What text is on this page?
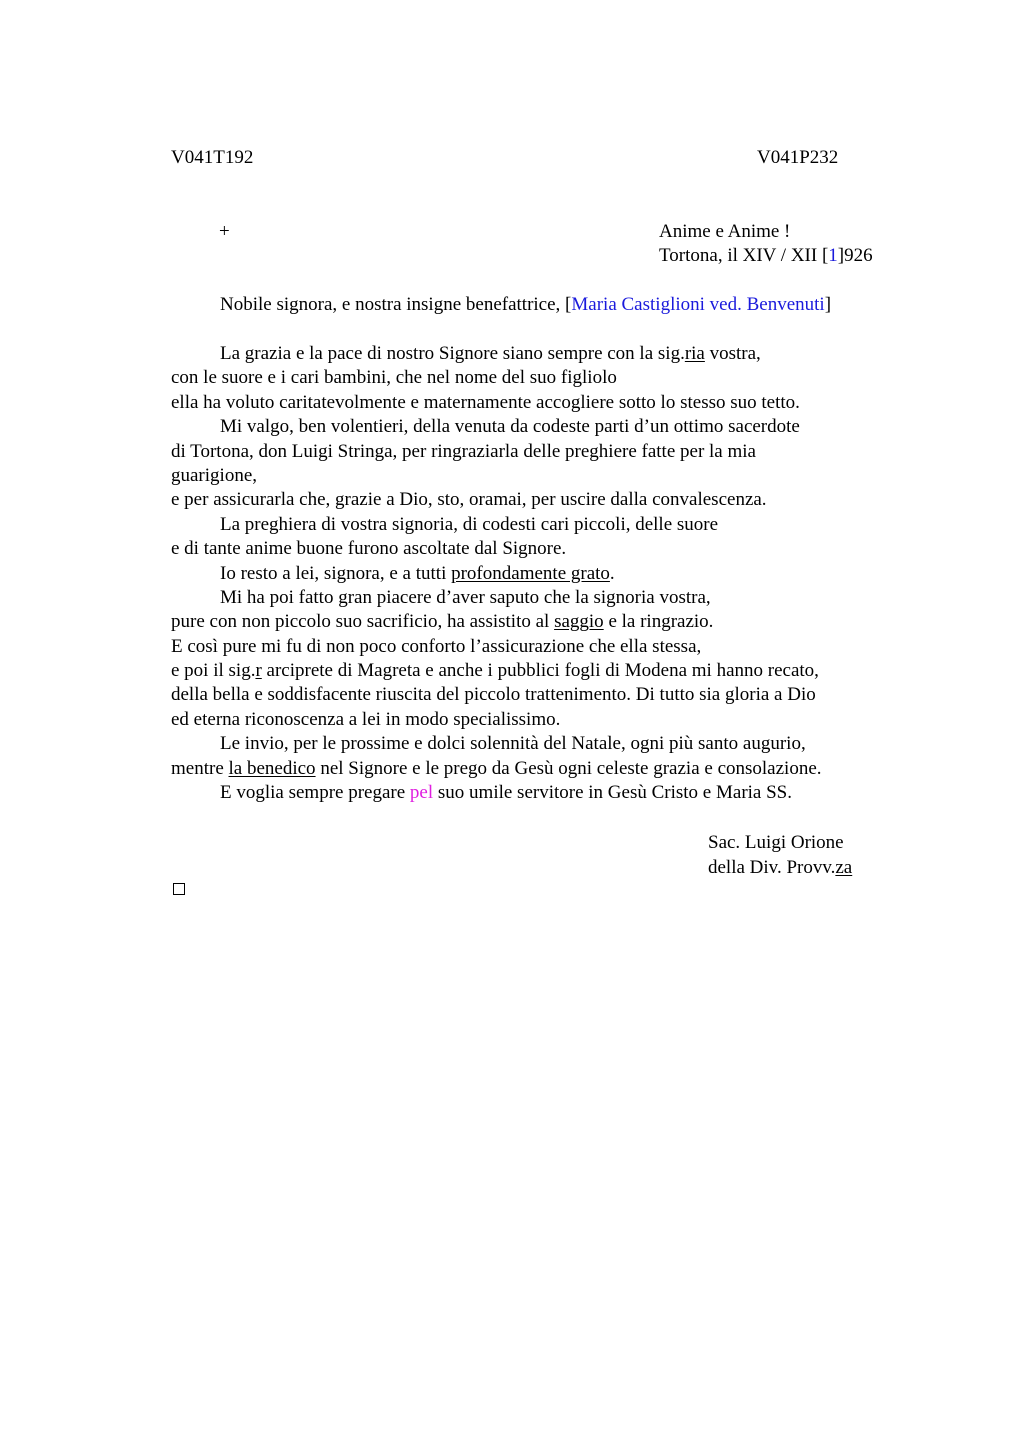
V041T192	V041P232
+	Anime e Anime !
Tortona, il XIV / XII [1]926
Nobile signora, e nostra insigne benefattrice, [Maria Castiglioni ved. Benvenuti]
La grazia e la pace di nostro Signore siano sempre con la sig.ria vostra,
con le suore e i cari bambini, che nel nome del suo figliolo
ella ha voluto caritatevolmente e maternamente accogliere sotto lo stesso suo tetto.
Mi valgo, ben volentieri, della venuta da codeste parti d’un ottimo sacerdote
di Tortona, don Luigi Stringa, per ringraziarla delle preghiere fatte per la mia
guarigione,
e per assicurarla che, grazie a Dio, sto, oramai, per uscire dalla convalescenza.
La preghiera di vostra signoria, di codesti cari piccoli, delle suore
e di tante anime buone furono ascoltate dal Signore.
Io resto a lei, signora, e a tutti profondamente grato.
Mi ha poi fatto gran piacere d’aver saputo che la signoria vostra,
pure con non piccolo suo sacrificio, ha assistito al saggio e la ringrazio.
E così pure mi fu di non poco conforto l’assicurazione che ella stessa,
e poi il sig.r arciprete di Magreta e anche i pubblici fogli di Modena mi hanno recato,
della bella e soddisfacente riuscita del piccolo trattenimento. Di tutto sia gloria a Dio
ed eterna riconoscenza a lei in modo specialissimo.
Le invio, per le prossime e dolci solennità del Natale, ogni più santo augurio,
mentre la benedico nel Signore e le prego da Gesù ogni celeste grazia e consolazione.
E voglia sempre pregare pel suo umile servitore in Gesù Cristo e Maria SS.
Sac. Luigi Orione
della Div. Provv.za
